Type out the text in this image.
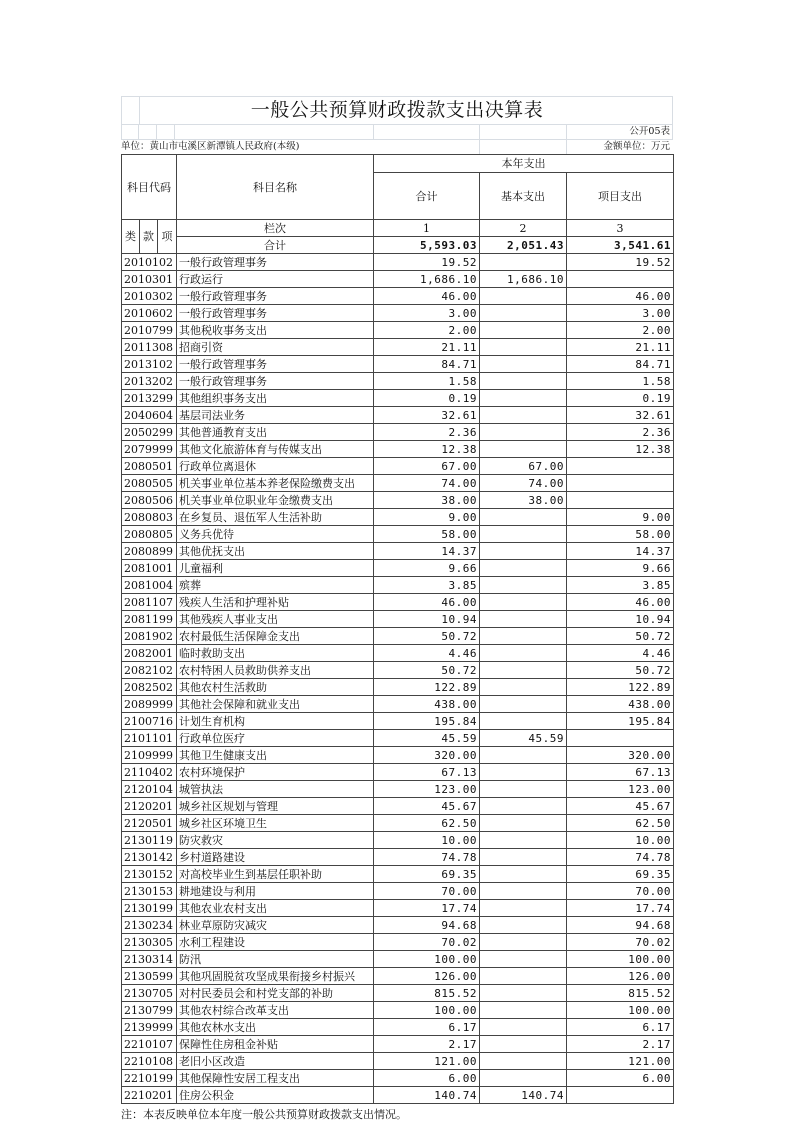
一般公共预算财政拨款支出决算表
公开05表
单位：黄山市屯溪区新潭镇人民政府(本级)	金额单位：万元
科目代码			科目名称	本年支出		
				合计	基本支出	项目支出
类	款	项	栏次	1	2	3
			合计	5,593.03	2,051.43	3,541.61
2010102			一般行政管理事务	19.52		19.52
2010301			行政运行	1,686.10	1,686.10	
2010302			一般行政管理事务	46.00		46.00
2010602			一般行政管理事务	3.00		3.00
2010799			其他税收事务支出	2.00		2.00
2011308			招商引资	21.11		21.11
2013102			一般行政管理事务	84.71		84.71
2013202			一般行政管理事务	1.58		1.58
2013299			其他组织事务支出	0.19		0.19
2040604			基层司法业务	32.61		32.61
2050299			其他普通教育支出	2.36		2.36
2079999			其他文化旅游体育与传媒支出	12.38		12.38
2080501			行政单位离退休	67.00	67.00	
2080505			机关事业单位基本养老保险缴费支出	74.00	74.00	
2080506			机关事业单位职业年金缴费支出	38.00	38.00	
2080803			在乡复员、退伍军人生活补助	9.00		9.00
2080805			义务兵优待	58.00		58.00
2080899			其他优抚支出	14.37		14.37
2081001			儿童福利	9.66		9.66
2081004			殡葬	3.85		3.85
2081107			残疾人生活和护理补贴	46.00		46.00
2081199			其他残疾人事业支出	10.94		10.94
2081902			农村最低生活保障金支出	50.72		50.72
2082001			临时救助支出	4.46		4.46
2082102			农村特困人员救助供养支出	50.72		50.72
2082502			其他农村生活救助	122.89		122.89
2089999			其他社会保障和就业支出	438.00		438.00
2100716			计划生育机构	195.84		195.84
2101101			行政单位医疗	45.59	45.59	
2109999			其他卫生健康支出	320.00		320.00
2110402			农村环境保护	67.13		67.13
2120104			城管执法	123.00		123.00
2120201			城乡社区规划与管理	45.67		45.67
2120501			城乡社区环境卫生	62.50		62.50
2130119			防灾救灾	10.00		10.00
2130142			乡村道路建设	74.78		74.78
2130152			对高校毕业生到基层任职补助	69.35		69.35
2130153			耕地建设与利用	70.00		70.00
2130199			其他农业农村支出	17.74		17.74
2130234			林业草原防灾减灾	94.68		94.68
2130305			水利工程建设	70.02		70.02
2130314			防汛	100.00		100.00
2130599			其他巩固脱贫攻坚成果衔接乡村振兴	126.00		126.00
2130705			对村民委员会和村党支部的补助	815.52		815.52
2130799			其他农村综合改革支出	100.00		100.00
2139999			其他农林水支出	6.17		6.17
2210107			保障性住房租金补贴	2.17		2.17
2210108			老旧小区改造	121.00		121.00
2210199			其他保障性安居工程支出	6.00		6.00
2210201			住房公积金	140.74	140.74	
注：本表反映单位本年度一般公共预算财政拨款支出情况。
